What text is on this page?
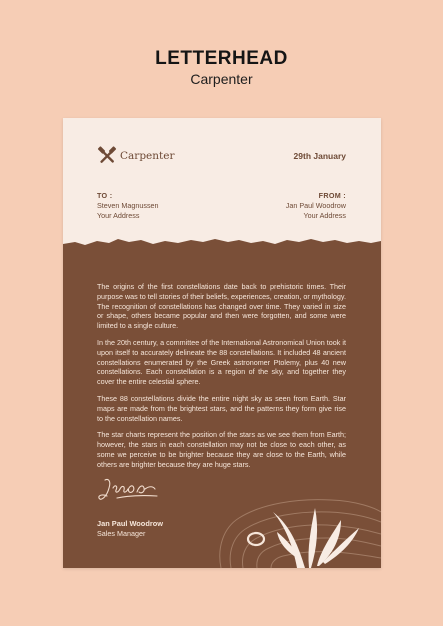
LETTERHEAD
Carpenter
Carpenter	29th January
TO :
Steven Magnussen
Your Address
FROM :
Jan Paul Woodrow
Your Address

The origins of the first constellations date back to prehistoric times. Their purpose was to tell stories of their beliefs, experiences, creation, or mythology. The recognition of constellations has changed over time. They varied in size or shape, others became popular and then were forgotten, and some were limited to a single culture.

In the 20th century, a committee of the International Astronomical Union took it upon itself to accurately delineate the 88 constellations. It included 48 ancient constellations enumerated by the Greek astronomer Ptolemy, plus 40 new constellations. Each constellation is a region of the sky, and together they cover the entire celestial sphere.

These 88 constellations divide the entire night sky as seen from Earth. Star maps are made from the brightest stars, and the patterns they form give rise to the constellation names.

The star charts represent the position of the stars as we see them from Earth; however, the stars in each constellation may not be close to each other, as some we perceive to be brighter because they are close to the Earth, while others are brighter because they are huge stars.

Jan Paul Woodrow
Sales Manager
